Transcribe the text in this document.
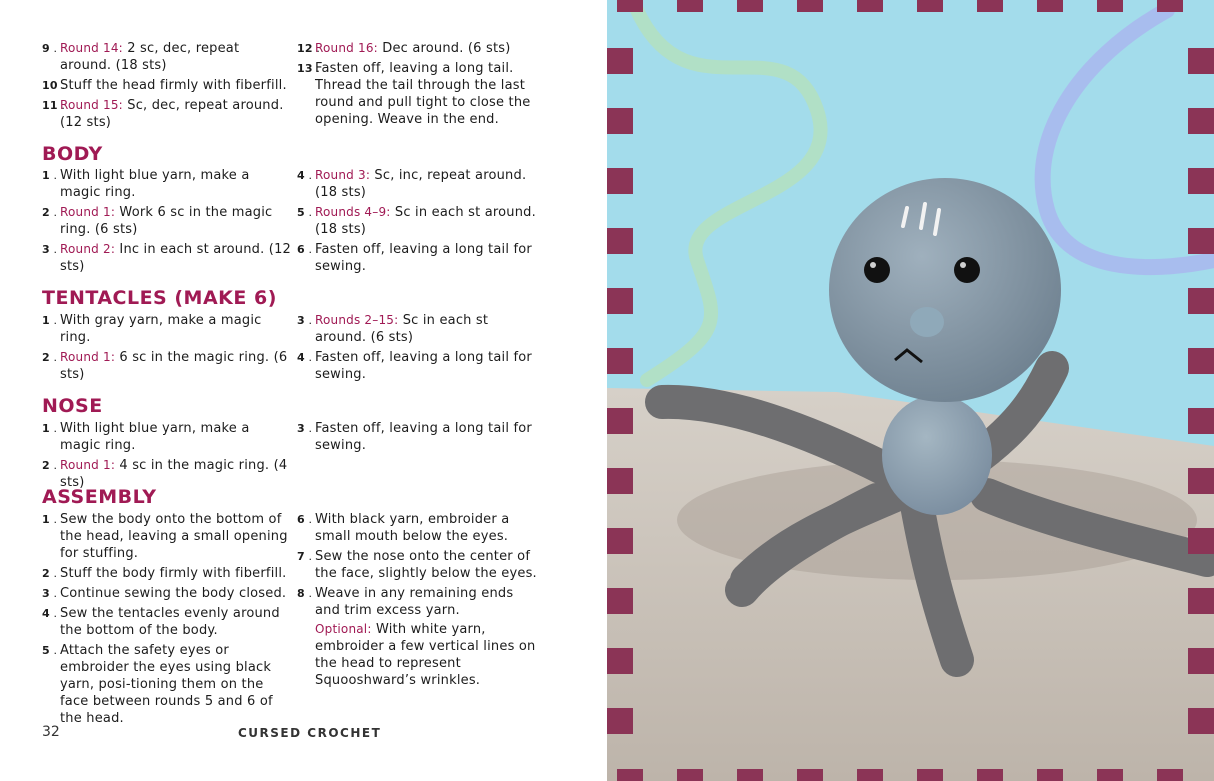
9 . Round 14: 2 sc, dec, repeat around. (18 sts)
10 . Stuff the head firmly with fiberfill.
11 . Round 15: Sc, dec, repeat around. (12 sts)
BODY
1 . With light blue yarn, make a magic ring.
2 . Round 1: Work 6 sc in the magic ring. (6 sts)
3 . Round 2: Inc in each st around. (12 sts)
TENTACLES (MAKE 6)
1 . With gray yarn, make a magic ring.
2 . Round 1: 6 sc in the magic ring. (6 sts)
NOSE
1 . With light blue yarn, make a magic ring.
2 . Round 1: 4 sc in the magic ring. (4 sts)
ASSEMBLY
1 . Sew the body onto the bottom of the head, leaving a small opening for stuffing.
2 . Stuff the body firmly with fiberfill.
3 . Continue sewing the body closed.
4 . Sew the tentacles evenly around the bottom of the body.
5 . Attach the safety eyes or embroider the eyes using black yarn, posi-tioning them on the face between rounds 5 and 6 of the head.
12 . Round 16: Dec around. (6 sts)
13 . Fasten off, leaving a long tail. Thread the tail through the last round and pull tight to close the opening. Weave in the end.
4 . Round 3: Sc, inc, repeat around. (18 sts)
5 . Rounds 4–9: Sc in each st around. (18 sts)
6 . Fasten off, leaving a long tail for sewing.
3 . Rounds 2–15: Sc in each st around. (6 sts)
4 . Fasten off, leaving a long tail for sewing.
3 . Fasten off, leaving a long tail for sewing.
6 . With black yarn, embroider a small mouth below the eyes.
7 . Sew the nose onto the center of the face, slightly below the eyes.
8 . Weave in any remaining ends and trim excess yarn.
Optional: With white yarn, embroider a few vertical lines on the head to represent Squooshward’s wrinkles.
32	CURSED CROCHET
